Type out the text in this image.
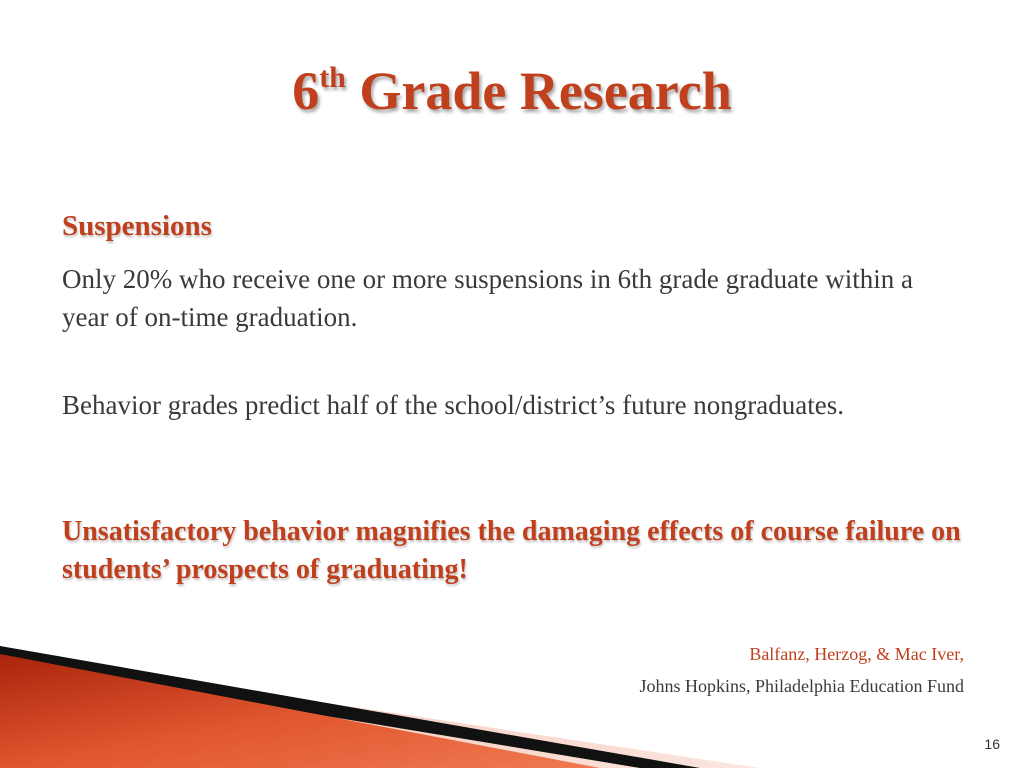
6th Grade Research
Suspensions
Only 20% who receive one or more suspensions in 6th grade graduate within a year of on-time graduation.
Behavior grades predict half of the school/district’s future nongraduates.
Unsatisfactory behavior magnifies the damaging effects of course failure on students’ prospects of graduating!
Balfanz, Herzog, & Mac Iver,
Johns Hopkins, Philadelphia Education Fund
16
